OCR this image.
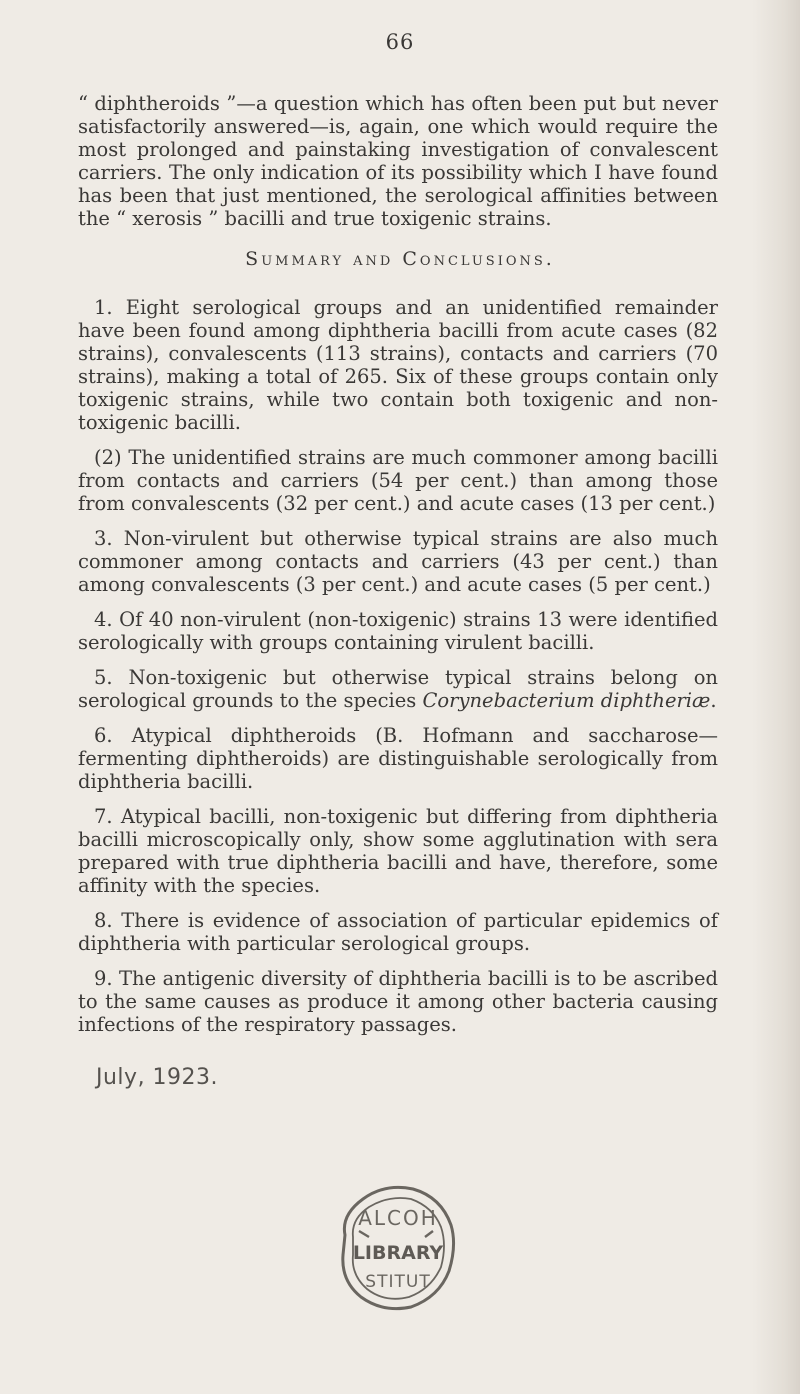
66

“ diphtheroids ”—a question which has often been put but never satisfactorily answered—is, again, one which would require the most prolonged and painstaking investigation of convalescent carriers. The only indication of its possibility which I have found has been that just mentioned, the serological affinities between the “ xerosis ” bacilli and true toxigenic strains.

Summary and Conclusions.

1. Eight serological groups and an unidentified remainder have been found among diphtheria bacilli from acute cases (82 strains), convalescents (113 strains), contacts and carriers (70 strains), making a total of 265. Six of these groups contain only toxigenic strains, while two contain both toxigenic and non-toxigenic bacilli.

(2) The unidentified strains are much commoner among bacilli from contacts and carriers (54 per cent.) than among those from convalescents (32 per cent.) and acute cases (13 per cent.)

3. Non-virulent but otherwise typical strains are also much commoner among contacts and carriers (43 per cent.) than among convalescents (3 per cent.) and acute cases (5 per cent.)

4. Of 40 non-virulent (non-toxigenic) strains 13 were identified serologically with groups containing virulent bacilli.

5. Non-toxigenic but otherwise typical strains belong on serological grounds to the species Corynebacterium diphtheriæ.

6. Atypical diphtheroids (B. Hofmann and saccharose—fermenting diphtheroids) are distinguishable serologically from diphtheria bacilli.

7. Atypical bacilli, non-toxigenic but differing from diphtheria bacilli microscopically only, show some agglutination with sera prepared with true diphtheria bacilli and have, therefore, some affinity with the species.

8. There is evidence of association of particular epidemics of diphtheria with particular serological groups.

9. The antigenic diversity of diphtheria bacilli is to be ascribed to the same causes as produce it among other bacteria causing infections of the respiratory passages.

July, 1923.
ALCOH
LIBRARY
STITUT
